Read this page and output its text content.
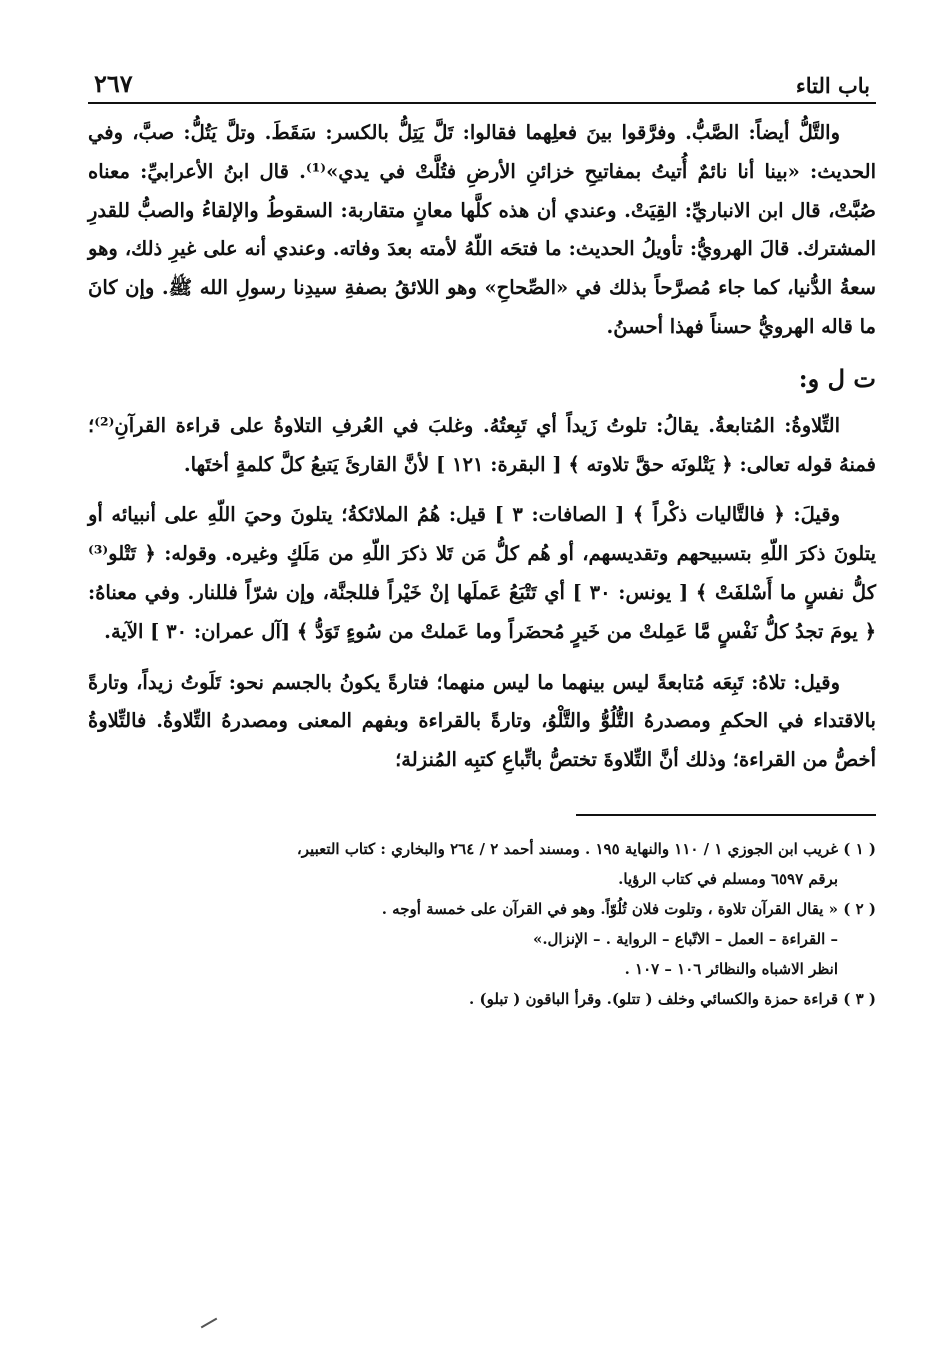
باب التاء
٢٦٧

والتَّلُّ أيضاً: الصَّبُّ. وفرَّقوا بينَ فعلِهما فقالوا: تَلَّ يَتِلُّ بالكسر: سَقَطَ. وتلَّ يَتُلُّ: صبَّ، وفي الحديث: «بينا أنا نائمٌ أُتيتُ بمفاتيحِ خزائنِ الأرضِ فتُلَّتْ في يدي»⁽¹⁾. قال ابنُ الأعرابيِّ: معناه صُبَّتْ، قال ابن الانباريِّ: القِيَتْ. وعندي أن هذه كلَّها معانٍ متقاربة: السقوطُ والإلقاءُ والصبُّ للقدرِ المشترك. قالَ الهرويُّ: تأويلُ الحديث: ما فتحَه اللّهُ لأمته بعدَ وفاته. وعندي أنه على غيرِ ذلك، وهو سعةُ الدُّنيا، كما جاء مُصرَّحاً بذلك في «الصِّحاحِ» وهو اللائقُ بصفةِ سيدِنا رسولِ الله ﷺ. وإن كانَ ما قاله الهرويُّ حسناً فهذا أحسنُ.

ت ل و:

التِّلاوةُ: المُتابعةُ. يقالُ: تلوتُ زَيداً أي تَبِعتُهُ. وغلبَ في العُرفِ التلاوةُ على قراءة القرآنِ⁽²⁾؛ فمنهُ قوله تعالى: ﴿ يَتْلونَه حقَّ تلاوته ﴾ [ البقرة: ١٢١ ] لأنَّ القارئَ يَتبعُ كلَّ كلمةٍ أختَها.

وقيلَ: ﴿ فالتَّاليات ذكْراً ﴾ [ الصافات: ٣ ] قيل: هُمُ الملائكةُ؛ يتلونَ وحيَ اللّهِ على أنبيائه أو يتلونَ ذكرَ اللّهِ بتسبيحهم وتقديسهم، أو هُم كلُّ مَن تَلا ذكرَ اللّهِ من مَلَكٍ وغيره. وقوله: ﴿ تَتْلو⁽³⁾ كلُّ نفسٍ ما أَسْلفَتْ ﴾ [ يونس: ٣٠ ] أي تَتْبَعُ عَملَها إنْ خَيْراً فللجنَّة، وإن شرّاً فللنار. وفي معناهُ: ﴿ يومَ تجدُ كلُّ نَفْسٍ مَّا عَمِلتْ من خَيرٍ مُحضَراً وما عَملتْ من سُوءٍ تَوَدُّ ﴾ [آل عمران: ٣٠ ] الآية.

وقيل: تلاهُ: تَبِعَه مُتابعةً ليس بينهما ما ليس منهما؛ فتارةً يكونُ بالجسم نحو: تَلَوتُ زيداً، وتارةً بالاقتداء في الحكمِ ومصدرهُ التُّلُوُّ والتَّلْوُ، وتارةً بالقراءة وبفهم المعنى ومصدرهُ التِّلاوةُ. فالتِّلاوةُ أخصُّ من القراءة؛ وذلك أنَّ التِّلاوةَ تختصُّ باتِّباعِ كتبِه المُنزلة؛

( ١ ) غريب ابن الجوزي ١ / ١١٠ والنهاية ١٩٥ . ومسند أحمد ٢ / ٢٦٤ والبخاري : كتاب التعبير،

برقم ٦٥٩٧ ومسلم في كتاب الرؤيا.

( ٢ ) « يقال القرآن تلاوة ، وتلوت فلان تُلُوّاً. وهو في القرآن على خمسة أوجه .

– القراءة – العمل – الاتّباع – الرواية . – الإنزال.»

انظر الاشباه والنظائر ١٠٦ – ١٠٧ .

( ٣ ) قراءة حمزة والكسائي وخلف ( تتلو). وقرأ الباقون ( تبلو) .
